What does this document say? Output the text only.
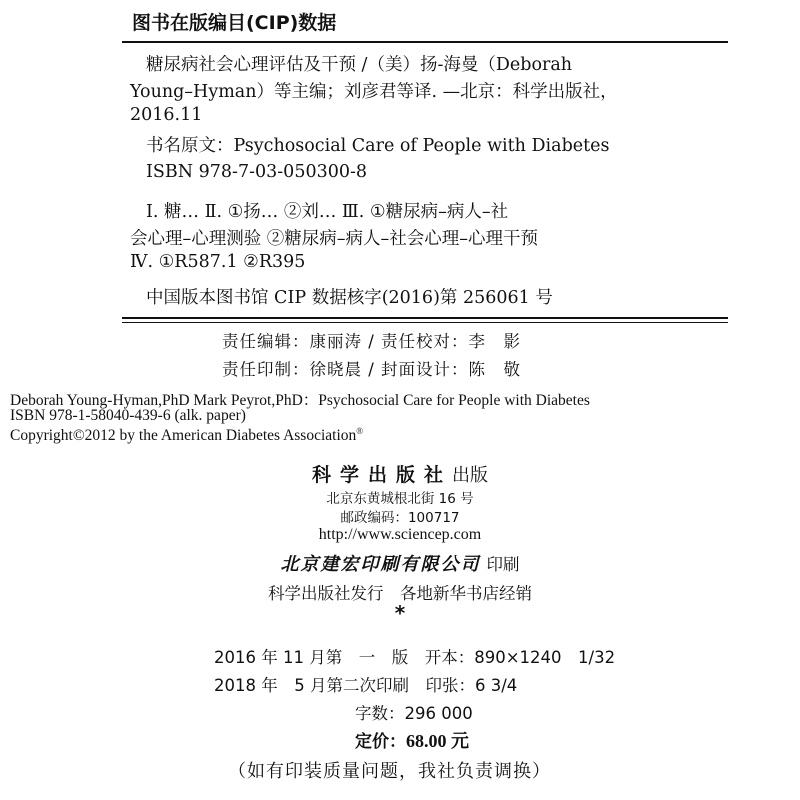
图书在版编目(CIP)数据
糖尿病社会心理评估及干预 /（美）扬-海曼（Deborah
Young–Hyman）等主编；刘彦君等译. —北京：科学出版社，
2016.11
书名原文：Psychosocial Care of People with Diabetes
ISBN 978-7-03-050300-8
Ⅰ. 糖… Ⅱ. ①扬… ②刘… Ⅲ. ①糖尿病–病人–社
会心理–心理测验 ②糖尿病–病人–社会心理–心理干预
Ⅳ. ①R587.1 ②R395
中国版本图书馆 CIP 数据核字(2016)第 256061 号
责任编辑：康丽涛 / 责任校对：李　影
责任印制：徐晓晨 / 封面设计：陈　敬
Deborah Young-Hyman,PhD Mark Peyrot,PhD：Psychosocial Care for People with Diabetes
ISBN 978-1-58040-439-6 (alk. paper)
Copyright©2012 by the American Diabetes Association®
科学出版社出版
北京东黄城根北街 16 号
邮政编码：100717
http://www.sciencep.com
北京建宏印刷有限公司 印刷
科学出版社发行　各地新华书店经销
*
2016 年 11 月第　一　版　开本：890×1240　1/32
2018 年　5 月第二次印刷　印张：6 3/4
字数：296 000
定价：68.00 元
（如有印装质量问题，我社负责调换）
